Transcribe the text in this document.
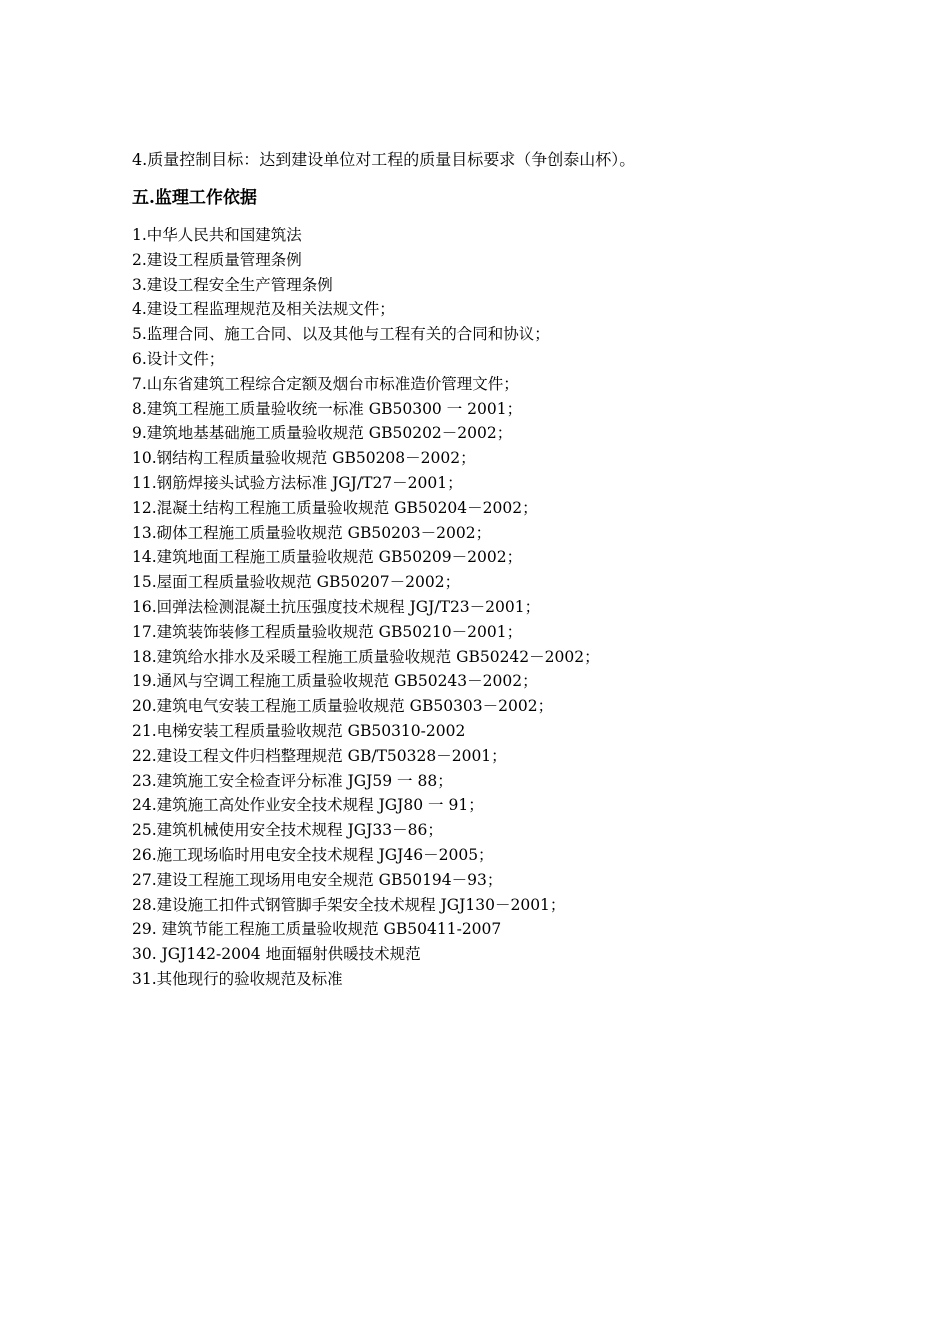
4.质量控制目标：达到建设单位对工程的质量目标要求（争创泰山杯）。
五.监理工作依据
1.中华人民共和国建筑法
2.建设工程质量管理条例
3.建设工程安全生产管理条例
4.建设工程监理规范及相关法规文件；
5.监理合同、施工合同、以及其他与工程有关的合同和协议；
6.设计文件；
7.山东省建筑工程综合定额及烟台市标准造价管理文件；
8.建筑工程施工质量验收统一标准 GB50300 一 2001；
9.建筑地基基础施工质量验收规范 GB50202－2002；
10.钢结构工程质量验收规范 GB50208－2002；
11.钢筋焊接头试验方法标准 JGJ/T27－2001；
12.混凝土结构工程施工质量验收规范 GB50204－2002；
13.砌体工程施工质量验收规范 GB50203－2002；
14.建筑地面工程施工质量验收规范 GB50209－2002；
15.屋面工程质量验收规范 GB50207－2002；
16.回弹法检测混凝土抗压强度技术规程 JGJ/T23－2001；
17.建筑装饰装修工程质量验收规范 GB50210－2001；
18.建筑给水排水及采暖工程施工质量验收规范 GB50242－2002；
19.通风与空调工程施工质量验收规范 GB50243－2002；
20.建筑电气安装工程施工质量验收规范 GB50303－2002；
21.电梯安装工程质量验收规范 GB50310-2002
22.建设工程文件归档整理规范 GB/T50328－2001；
23.建筑施工安全检查评分标准 JGJ59 一 88；
24.建筑施工高处作业安全技术规程 JGJ80 一 91；
25.建筑机械使用安全技术规程 JGJ33－86；
26.施工现场临时用电安全技术规程 JGJ46－2005；
27.建设工程施工现场用电安全规范 GB50194－93；
28.建设施工扣件式钢管脚手架安全技术规程 JGJ130－2001；
29. 建筑节能工程施工质量验收规范 GB50411-2007
30. JGJ142-2004 地面辐射供暖技术规范
31.其他现行的验收规范及标准
